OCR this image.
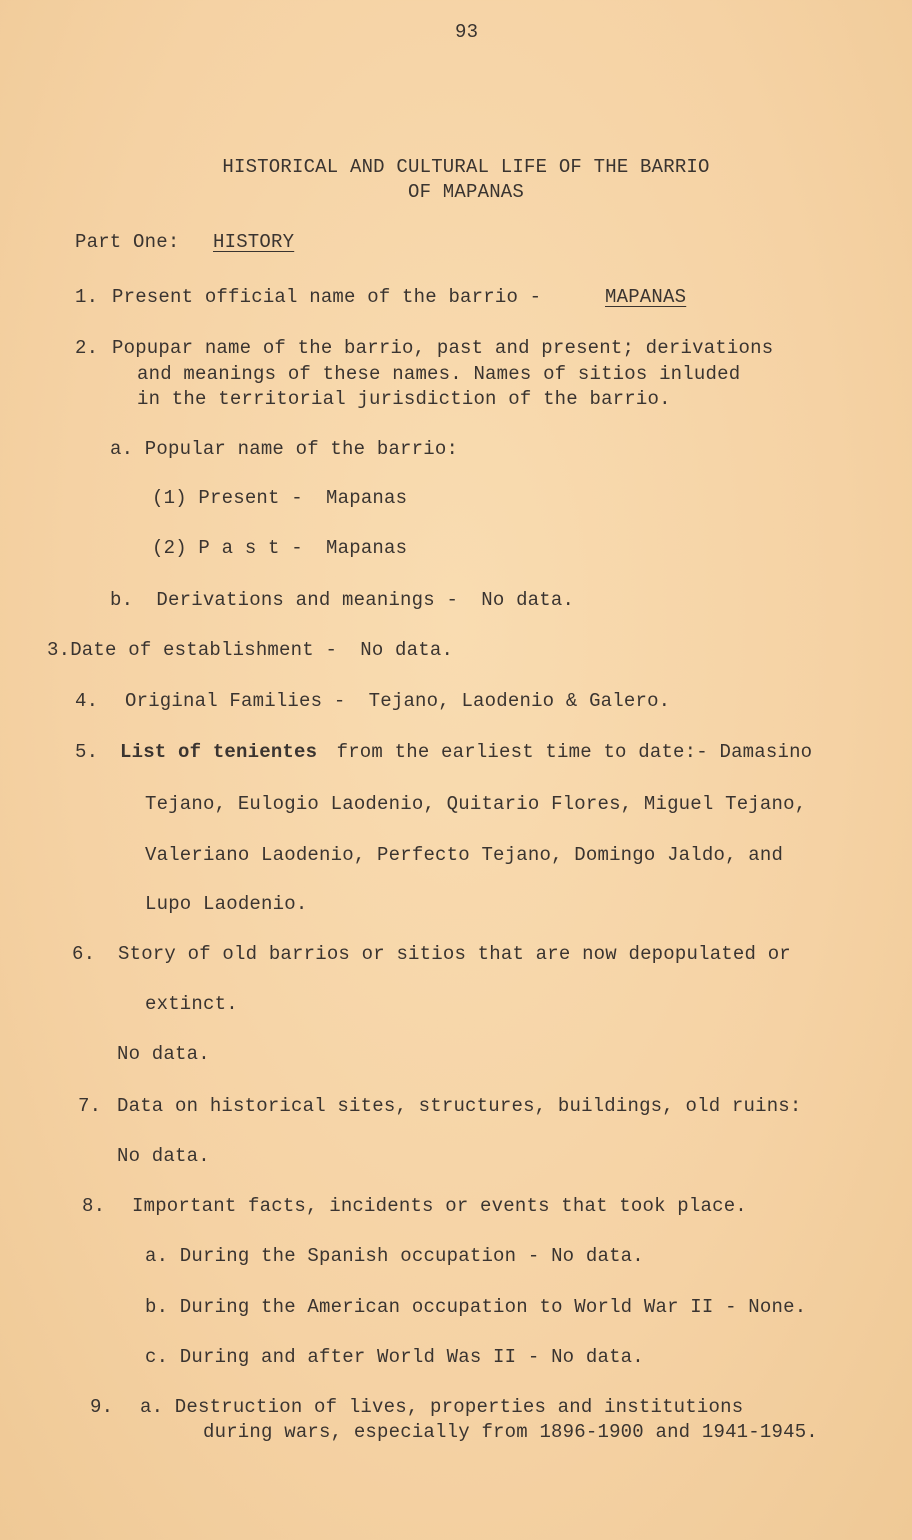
93
HISTORICAL AND CULTURAL LIFE OF THE BARRIO
OF MAPANAS
Part One: HISTORY
1. Present official name of the barrio -	MAPANAS
2. Popupar name of the barrio, past and present; derivations
and meanings of these names. Names of sitios inluded
in the territorial jurisdiction of the barrio.
a. Popular name of the barrio:
(1) Present -  Mapanas
(2) P a s t -  Mapanas
b.  Derivations and meanings -  No data.
3.Date of establishment -  No data.
4. Original Families -  Tejano, Laodenio & Galero.
5. List of tenientes from the earliest time to date:- Damasino
Tejano, Eulogio Laodenio, Quitario Flores, Miguel Tejano,
Valeriano Laodenio, Perfecto Tejano, Domingo Jaldo, and
Lupo Laodenio.
6. Story of old barrios or sitios that are now depopulated or
extinct.
No data.
7. Data on historical sites, structures, buildings, old ruins:
No data.
8. Important facts, incidents or events that took place.
a. During the Spanish occupation - No data.
b. During the American occupation to World War II - None.
c. During and after World Was II - No data.
9. a. Destruction of lives, properties and institutions
during wars, especially from 1896-1900 and 1941-1945.
